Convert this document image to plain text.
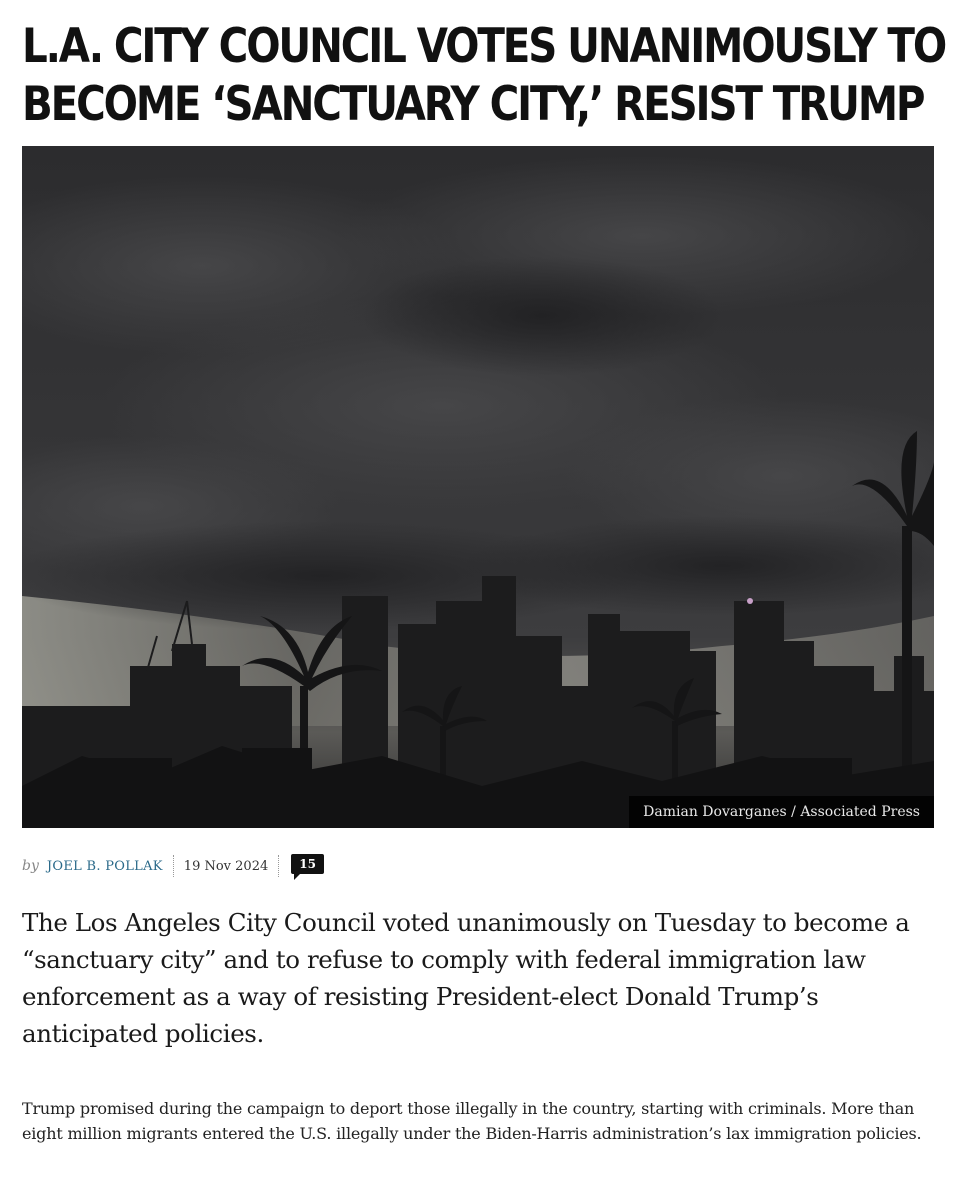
L.A. CITY COUNCIL VOTES UNANIMOUSLY TO
BECOME ‘SANCTUARY CITY,’ RESIST TRUMP
Damian Dovarganes / Associated Press
by JOEL B. POLLAK 19 Nov 2024	15

The Los Angeles City Council voted unanimously on Tuesday to become a “sanctuary city” and to refuse to comply with federal immigration law enforcement as a way of resisting President-elect Donald Trump’s anticipated policies.

Trump promised during the campaign to deport those illegally in the country, starting with criminals. More than eight million migrants entered the U.S. illegally under the Biden-Harris administration’s lax immigration policies.
